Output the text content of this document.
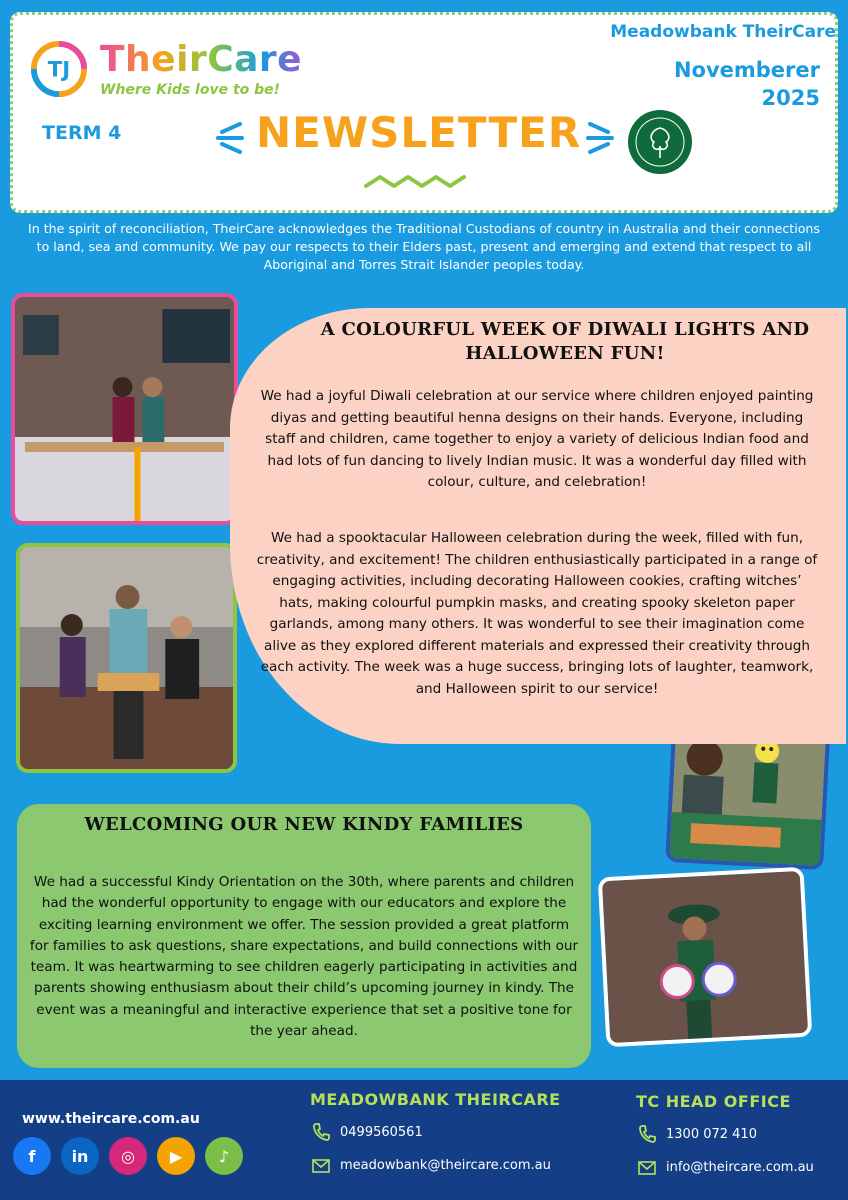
TJ TheirCare
Where Kids love to be!
TERM 4	NEWSLETTER
Meadowbank TheirCare
Novemberer
2025
In the spirit of reconciliation, TheirCare acknowledges the Traditional Custodians of country in Australia and their connections to land, sea and community. We pay our respects to their Elders past, present and emerging and extend that respect to all Aboriginal and Torres Strait Islander peoples today.
A COLOURFUL WEEK OF DIWALI LIGHTS AND HALLOWEEN FUN!
We had a joyful Diwali celebration at our service where children enjoyed painting diyas and getting beautiful henna designs on their hands. Everyone, including staff and children, came together to enjoy a variety of delicious Indian food and had lots of fun dancing to lively Indian music. It was a wonderful day filled with colour, culture, and celebration!
We had a spooktacular Halloween celebration during the week, filled with fun, creativity, and excitement! The children enthusiastically participated in a range of engaging activities, including decorating Halloween cookies, crafting witches’ hats, making colourful pumpkin masks, and creating spooky skeleton paper garlands, among many others. It was wonderful to see their imagination come alive as they explored different materials and expressed their creativity through each activity. The week was a huge success, bringing lots of laughter, teamwork, and Halloween spirit to our service!
WELCOMING OUR NEW KINDY FAMILIES
We had a successful Kindy Orientation on the 30th, where parents and children had the wonderful opportunity to engage with our educators and explore the exciting learning environment we offer. The session provided a great platform for families to ask questions, share expectations, and build connections with our team. It was heartwarming to see children eagerly participating in activities and parents showing enthusiasm about their child’s upcoming journey in kindy. The event was a meaningful and interactive experience that set a positive tone for the year ahead.
www.theircare.com.au
f in ◎ ▶ ♪
MEADOWBANK THEIRCARE
0499560561
meadowbank@theircare.com.au
TC HEAD OFFICE
1300 072 410
info@theircare.com.au
